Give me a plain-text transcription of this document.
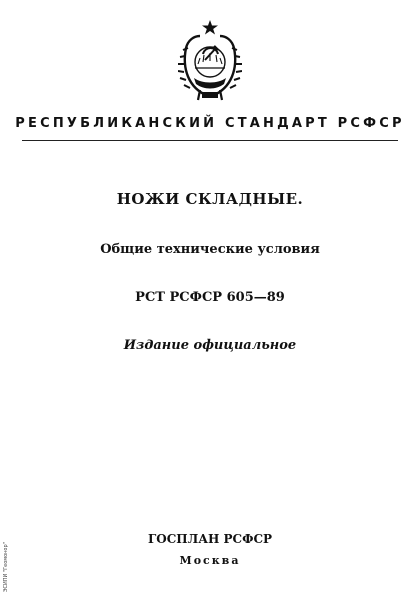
РЕСПУБЛИКАНСКИЙ СТАНДАРТ РСФСР
НОЖИ СКЛАДНЫЕ.
Общие технические условия
РСТ РСФСР 605—89
Издание официальное
ГОСПЛАН РСФСР
Москва
ЭСИПИ "Геомонор"
